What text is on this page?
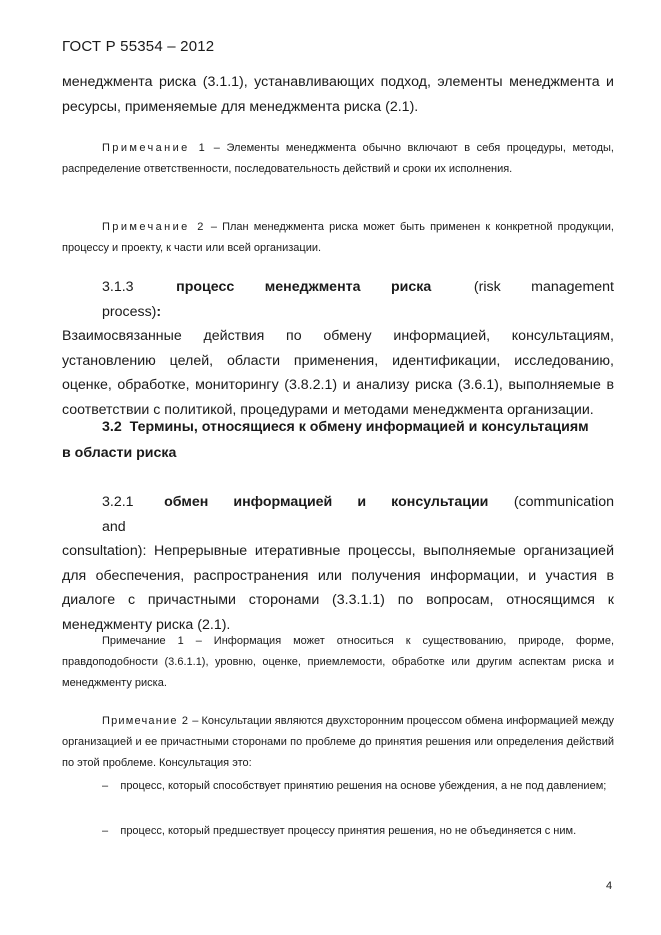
ГОСТ Р 55354 – 2012
менеджмента риска (3.1.1), устанавливающих подход, элементы менеджмента и
ресурсы, применяемые для менеджмента риска (2.1).
Примечание 1 – Элементы менеджмента обычно включают в себя процедуры, методы, распределение ответственности, последовательность действий и сроки их исполнения.
Примечание 2 – План менеджмента риска может быть применен к конкретной продукции, процессу и проекту, к части или всей организации.
3.1.3	процесс менеджмента риска	(risk management process):
Взаимосвязанные действия по обмену информацией, консультациям, установлению целей, области применения, идентификации, исследованию, оценке, обработке, мониторингу (3.8.2.1) и анализу риска (3.6.1), выполняемые в соответствии с политикой, процедурами и методами менеджмента организации.
3.2 Термины, относящиеся к обмену информацией и консультациям
в области риска
3.2.1 обмен информацией и консультации (communication and
consultation): Непрерывные итеративные процессы, выполняемые организацией для обеспечения, распространения или получения информации, и участия в диалоге с причастными сторонами (3.3.1.1) по вопросам, относящимся к менеджменту риска (2.1).
Примечание 1 – Информация может относиться к существованию, природе, форме, правдоподобности (3.6.1.1), уровню, оценке, приемлемости, обработке или другим аспектам риска и менеджменту риска.
Примечание 2 – Консультации являются двухсторонним процессом обмена информацией между организацией и ее причастными сторонами по проблеме до принятия решения или определения действий по этой проблеме. Консультация это:
– процесс, который способствует принятию решения на основе убеждения, а не под давлением;
– процесс, который предшествует процессу принятия решения, но не объединяется с ним.
4
